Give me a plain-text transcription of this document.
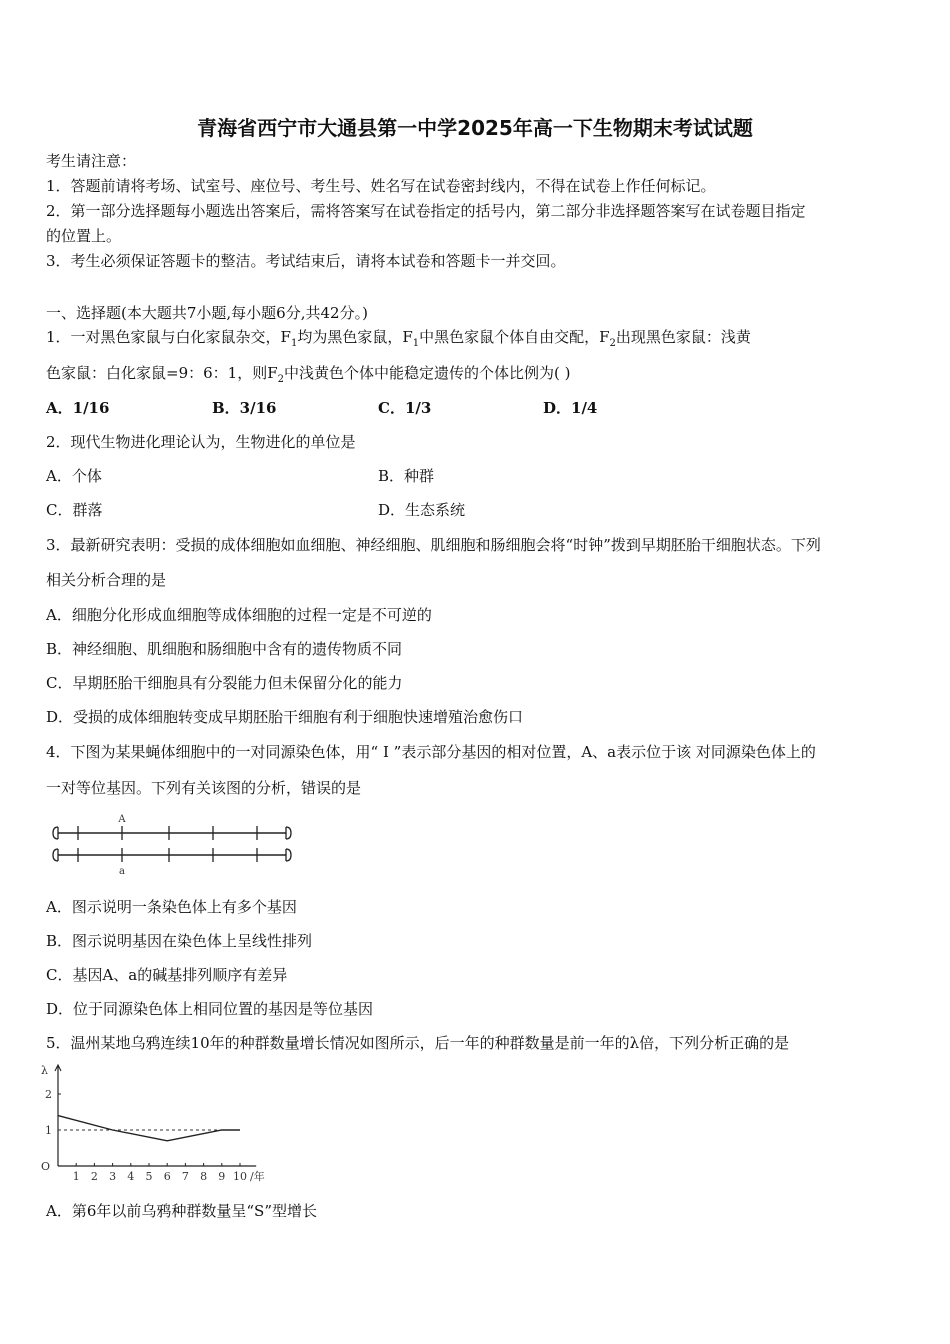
青海省西宁市大通县第一中学2025年高一下生物期末考试试题
考生请注意：
1．答题前请将考场、试室号、座位号、考生号、姓名写在试卷密封线内，不得在试卷上作任何标记。
2．第一部分选择题每小题选出答案后，需将答案写在试卷指定的括号内，第二部分非选择题答案写在试卷题目指定
的位置上。
3．考生必须保证答题卡的整洁。考试结束后，请将本试卷和答题卡一并交回。
一、选择题(本大题共7小题,每小题6分,共42分。)
1．一对黑色家鼠与白化家鼠杂交，$F_1$均为黑色家鼠，$F_1$中黑色家鼠个体自由交配，$F_2$出现黑色家鼠：浅黄
色家鼠：白化家鼠=9：6：1，则$F_2$中浅黄色个体中能稳定遗传的个体比例为( )
A．1/16	B．3/16	C．1/3	D．1/4
2．现代生物进化理论认为，生物进化的单位是
A．个体	B．种群
C．群落	D．生态系统
3．最新研究表明：受损的成体细胞如血细胞、神经细胞、肌细胞和肠细胞会将“时钟”拨到早期胚胎干细胞状态。下列
相关分析合理的是
A．细胞分化形成血细胞等成体细胞的过程一定是不可逆的
B．神经细胞、肌细胞和肠细胞中含有的遗传物质不同
C．早期胚胎干细胞具有分裂能力但未保留分化的能力
D．受损的成体细胞转变成早期胚胎干细胞有利于细胞快速增殖治愈伤口
4．下图为某果蝇体细胞中的一对同源染色体，用“ I ”表示部分基因的相对位置，A、a表示位于该 对同源染色体上的
一对等位基因。下列有关该图的分析，错误的是
A
a
A．图示说明一条染色体上有多个基因
B．图示说明基因在染色体上呈线性排列
C．基因A、a的碱基排列顺序有差异
D．位于同源染色体上相同位置的基因是等位基因
5．温州某地乌鸦连续10年的种群数量增长情况如图所示，后一年的种群数量是前一年的λ倍，下列分析正确的是
1
2
1 2 3 4 5 6 7 8 9 10
λ
O
/年
A．第6年以前乌鸦种群数量呈“S”型增长
